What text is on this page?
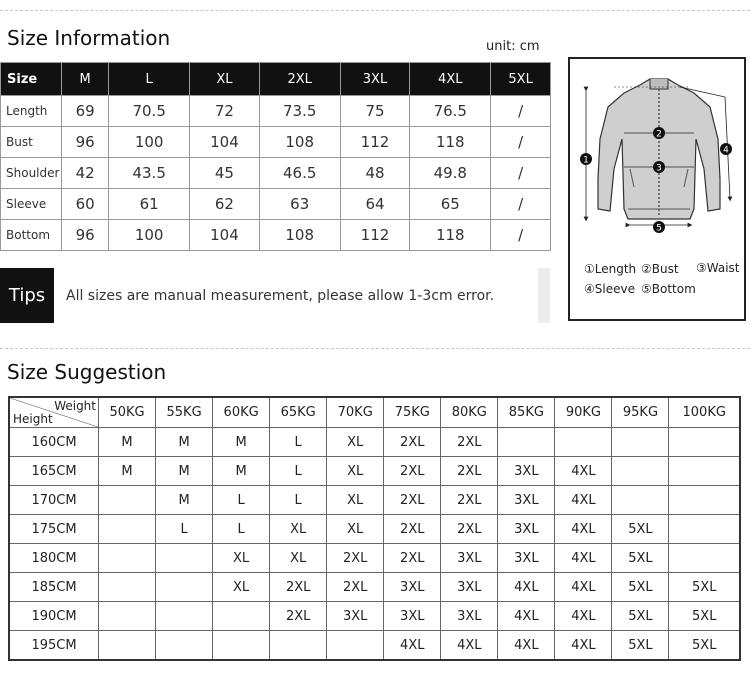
Size Information	unit: cm
Size	M	L	XL	2XL	3XL	4XL	5XL
Length	69	70.5	72	73.5	75	76.5	/
Bust	96	100	104	108	112	118	/
Shoulder	42	43.5	45	46.5	48	49.8	/
Sleeve	60	61	62	63	64	65	/
Bottom	96	100	104	108	112	118	/
Tips	All sizes are manual measurement, please allow 1-3cm error.
1
2
3
4
5
①Length ②Bust ③Waist
④Sleeve ⑤Bottom
Size Suggestion
Weight
Height	50KG	55KG	60KG	65KG	70KG	75KG	80KG	85KG	90KG	95KG	100KG
160CM	M	M	M	L	XL	2XL	2XL				
165CM	M	M	M	L	XL	2XL	2XL	3XL	4XL		
170CM		M	L	L	XL	2XL	2XL	3XL	4XL		
175CM		L	L	XL	XL	2XL	2XL	3XL	4XL	5XL	
180CM			XL	XL	2XL	2XL	3XL	3XL	4XL	5XL	
185CM			XL	2XL	2XL	3XL	3XL	4XL	4XL	5XL	5XL
190CM				2XL	3XL	3XL	3XL	4XL	4XL	5XL	5XL
195CM						4XL	4XL	4XL	4XL	5XL	5XL
